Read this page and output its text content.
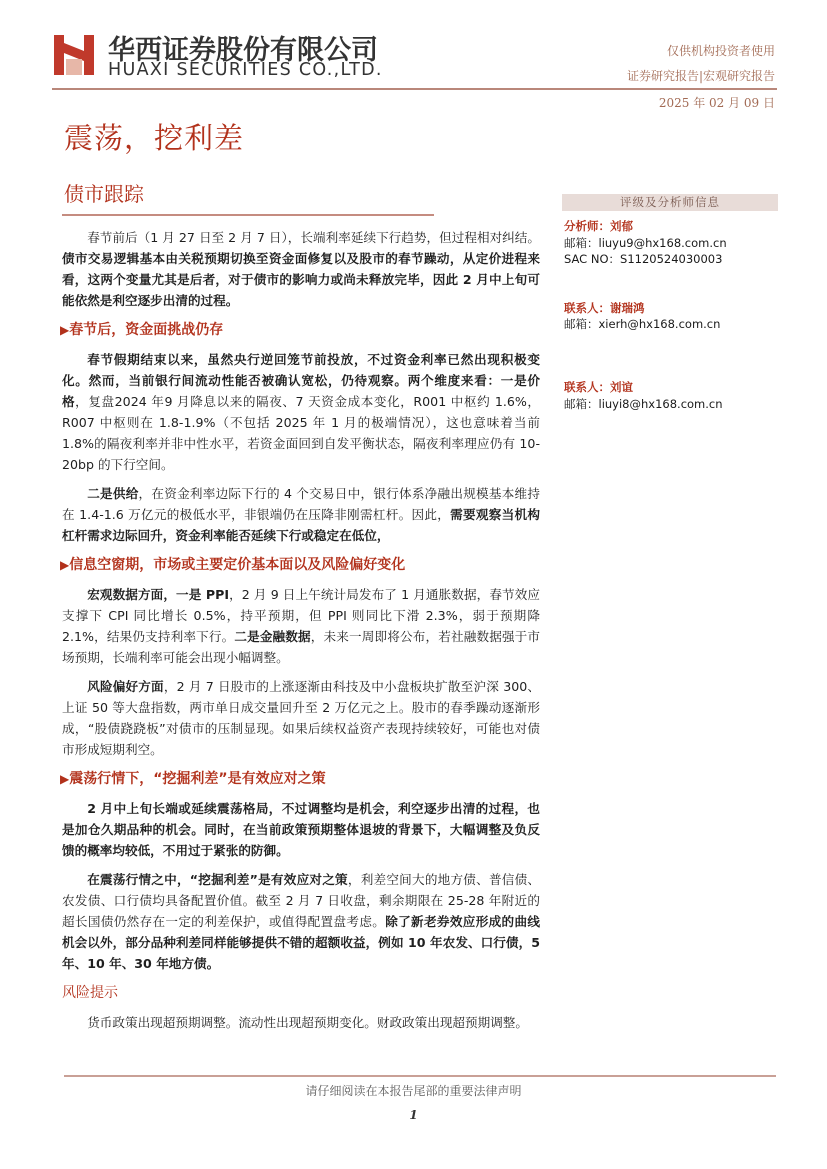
华西证券股份有限公司
HUAXI SECURITIES CO.,LTD.
仅供机构投资者使用
证券研究报告|宏观研究报告
2025 年 02 月 09 日
震荡，挖利差
债市跟踪

春节前后（1 月 27 日至 2 月 7 日），长端利率延续下行趋势，但过程相对纠结。债市交易逻辑基本由关税预期切换至资金面修复以及股市的春节躁动，从定价进程来看，这两个变量尤其是后者，对于债市的影响力或尚未释放完毕，因此 2 月中上旬可能依然是利空逐步出清的过程。

▶春节后，资金面挑战仍存

春节假期结束以来，虽然央行逆回笼节前投放，不过资金利率已然出现积极变化。然而，当前银行间流动性能否被确认宽松，仍待观察。两个维度来看：一是价格，复盘2024 年9 月降息以来的隔夜、7 天资金成本变化，R001 中枢约 1.6%，R007 中枢则在 1.8-1.9%（不包括 2025 年 1 月的极端情况），这也意味着当前 1.8%的隔夜利率并非中性水平，若资金面回到自发平衡状态，隔夜利率理应仍有 10-20bp 的下行空间。

二是供给，在资金利率边际下行的 4 个交易日中，银行体系净融出规模基本维持在 1.4-1.6 万亿元的极低水平，非银端仍在压降非刚需杠杆。因此，需要观察当机构杠杆需求边际回升，资金利率能否延续下行或稳定在低位，

▶信息空窗期，市场或主要定价基本面以及风险偏好变化

宏观数据方面，一是 PPI，2 月 9 日上午统计局发布了 1 月通胀数据，春节效应支撑下 CPI 同比增长 0.5%，持平预期，但 PPI 则同比下滑 2.3%，弱于预期降 2.1%，结果仍支持利率下行。二是金融数据，未来一周即将公布，若社融数据强于市场预期，长端利率可能会出现小幅调整。

风险偏好方面，2 月 7 日股市的上涨逐渐由科技及中小盘板块扩散至沪深 300、上证 50 等大盘指数，两市单日成交量回升至 2 万亿元之上。股市的春季躁动逐渐形成，“股债跷跷板”对债市的压制显现。如果后续权益资产表现持续较好，可能也对债市形成短期利空。

▶震荡行情下，“挖掘利差”是有效应对之策

2 月中上旬长端或延续震荡格局，不过调整均是机会，利空逐步出清的过程，也是加仓久期品种的机会。同时，在当前政策预期整体退坡的背景下，大幅调整及负反馈的概率均较低，不用过于紧张的防御。

在震荡行情之中，“挖掘利差”是有效应对之策，利差空间大的地方债、普信债、农发债、口行债均具备配置价值。截至 2 月 7 日收盘，剩余期限在 25-28 年附近的超长国债仍然存在一定的利差保护，或值得配置盘考虑。除了新老券效应形成的曲线机会以外，部分品种利差同样能够提供不错的超额收益，例如 10 年农发、口行债，5 年、10 年、30 年地方债。

风险提示

货币政策出现超预期调整。流动性出现超预期变化。财政政策出现超预期调整。

评级及分析师信息
分析师：刘郁
邮箱：liuyu9@hx168.com.cn
SAC NO：S1120524030003
联系人：谢瑞鸿
邮箱：xierh@hx168.com.cn
联系人：刘谊
邮箱：liuyi8@hx168.com.cn
请仔细阅读在本报告尾部的重要法律声明
1
